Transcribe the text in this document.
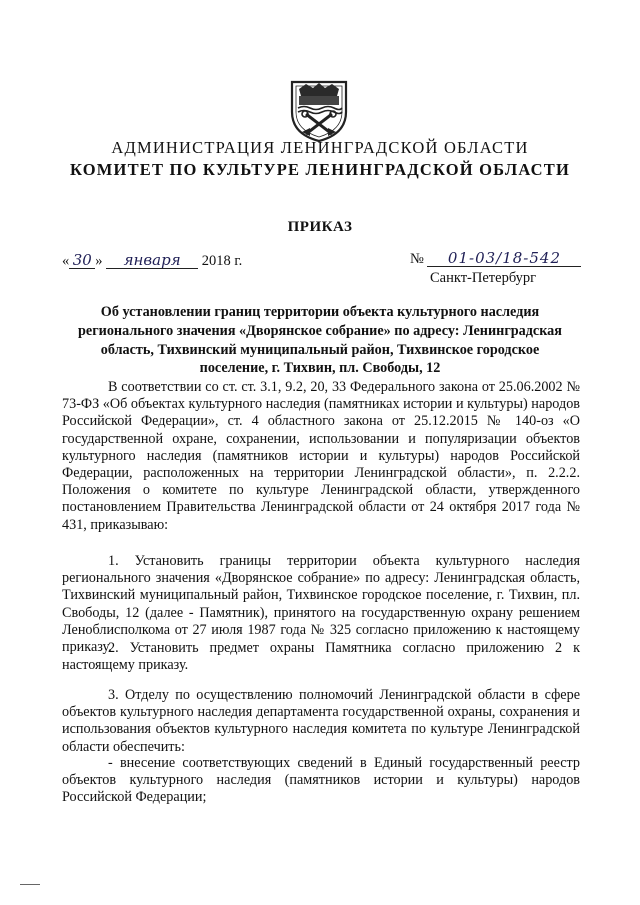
АДМИНИСТРАЦИЯ ЛЕНИНГРАДСКОЙ ОБЛАСТИ
КОМИТЕТ ПО КУЛЬТУРЕ ЛЕНИНГРАДСКОЙ ОБЛАСТИ
ПРИКАЗ
« 30 » января 2018 г.	№ 01-03/18-542
Санкт-Петербург
Об установлении границ территории объекта культурного наследия регионального значения «Дворянское собрание» по адресу: Ленинградская область, Тихвинский муниципальный район, Тихвинское городское поселение, г. Тихвин, пл. Свободы, 12

В соответствии со ст. ст. 3.1, 9.2, 20, 33 Федерального закона от 25.06.2002 № 73-ФЗ «Об объектах культурного наследия (памятниках истории и культуры) народов Российской Федерации», ст. 4 областного закона от 25.12.2015 № 140-оз «О государственной охране, сохранении, использовании и популяризации объектов культурного наследия (памятников истории и культуры) народов Российской Федерации, расположенных на территории Ленинградской области», п. 2.2.2. Положения о комитете по культуре Ленинградской области, утвержденного постановлением Правительства Ленинградской области от 24 октября 2017 года № 431, приказываю:

1. Установить границы территории объекта культурного наследия регионального значения «Дворянское собрание» по адресу: Ленинградская область, Тихвинский муниципальный район, Тихвинское городское поселение, г. Тихвин, пл. Свободы, 12 (далее - Памятник), принятого на государственную охрану решением Леноблисполкома от 27 июля 1987 года № 325 согласно приложению к настоящему приказу.

2. Установить предмет охраны Памятника согласно приложению 2 к настоящему приказу.

3. Отделу по осуществлению полномочий Ленинградской области в сфере объектов культурного наследия департамента государственной охраны, сохранения и использования объектов культурного наследия комитета по культуре Ленинградской области обеспечить:

- внесение соответствующих сведений в Единый государственный реестр объектов культурного наследия (памятников истории и культуры) народов Российской Федерации;
